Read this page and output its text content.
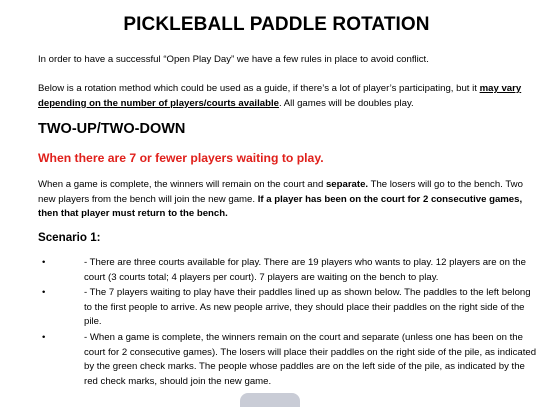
PICKLEBALL PADDLE ROTATION
In order to have a successful “Open Play Day” we have a few rules in place to avoid conflict.
Below is a rotation method which could be used as a guide, if there’s a lot of player’s participating, but it may vary depending on the number of players/courts available. All games will be doubles play.
TWO-UP/TWO-DOWN
When there are 7 or fewer players waiting to play.
When a game is complete, the winners will remain on the court and separate. The losers will go to the bench. Two new players from the bench will join the new game. If a player has been on the court for 2 consecutive games, then that player must return to the bench.
Scenario 1:
•	- There are three courts available for play. There are 19 players who wants to play. 12 players are on the court (3 courts total; 4 players per court). 7 players are waiting on the bench to play.
•	- The 7 players waiting to play have their paddles lined up as shown below. The paddles to the left belong to the first people to arrive. As new people arrive, they should place their paddles on the right side of the pile.
•	- When a game is complete, the winners remain on the court and separate (unless one has been on the court for 2 consecutive games). The losers will place their paddles on the right side of the pile, as indicated by the green check marks. The people whose paddles are on the left side of the pile, as indicated by the red check marks, should join the new game.
